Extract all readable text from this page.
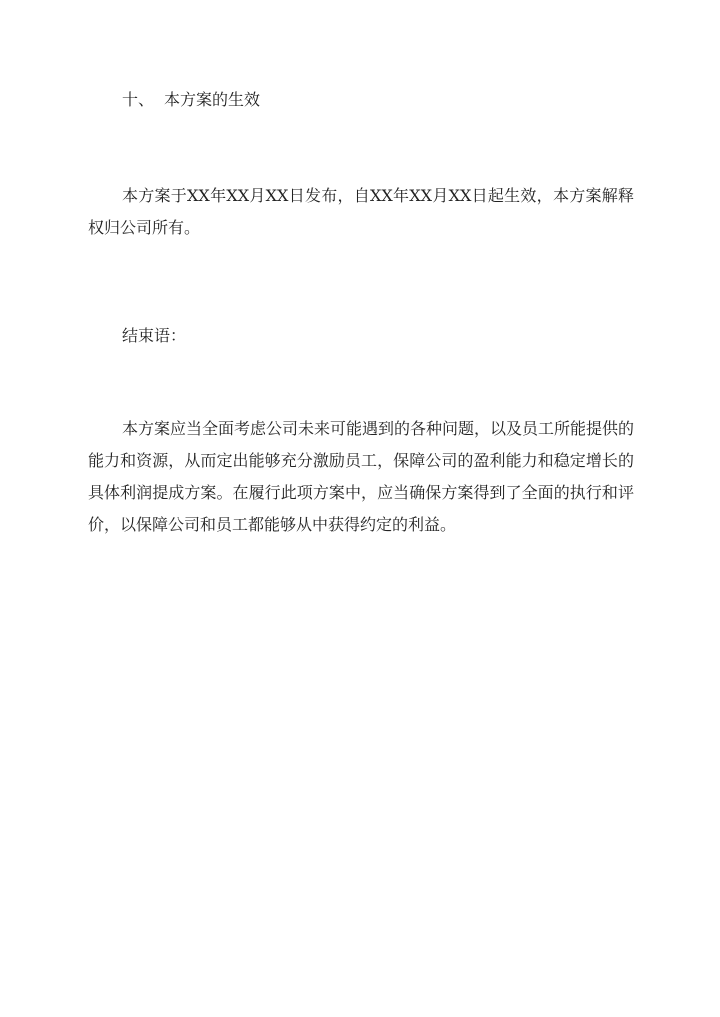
十、 本方案的生效

本方案于XX年XX月XX日发布，自XX年XX月XX日起生效，本方案解释权归公司所有。

结束语：

本方案应当全面考虑公司未来可能遇到的各种问题，以及员工所能提供的能力和资源，从而定出能够充分激励员工，保障公司的盈利能力和稳定增长的具体利润提成方案。在履行此项方案中，应当确保方案得到了全面的执行和评价，以保障公司和员工都能够从中获得约定的利益。
